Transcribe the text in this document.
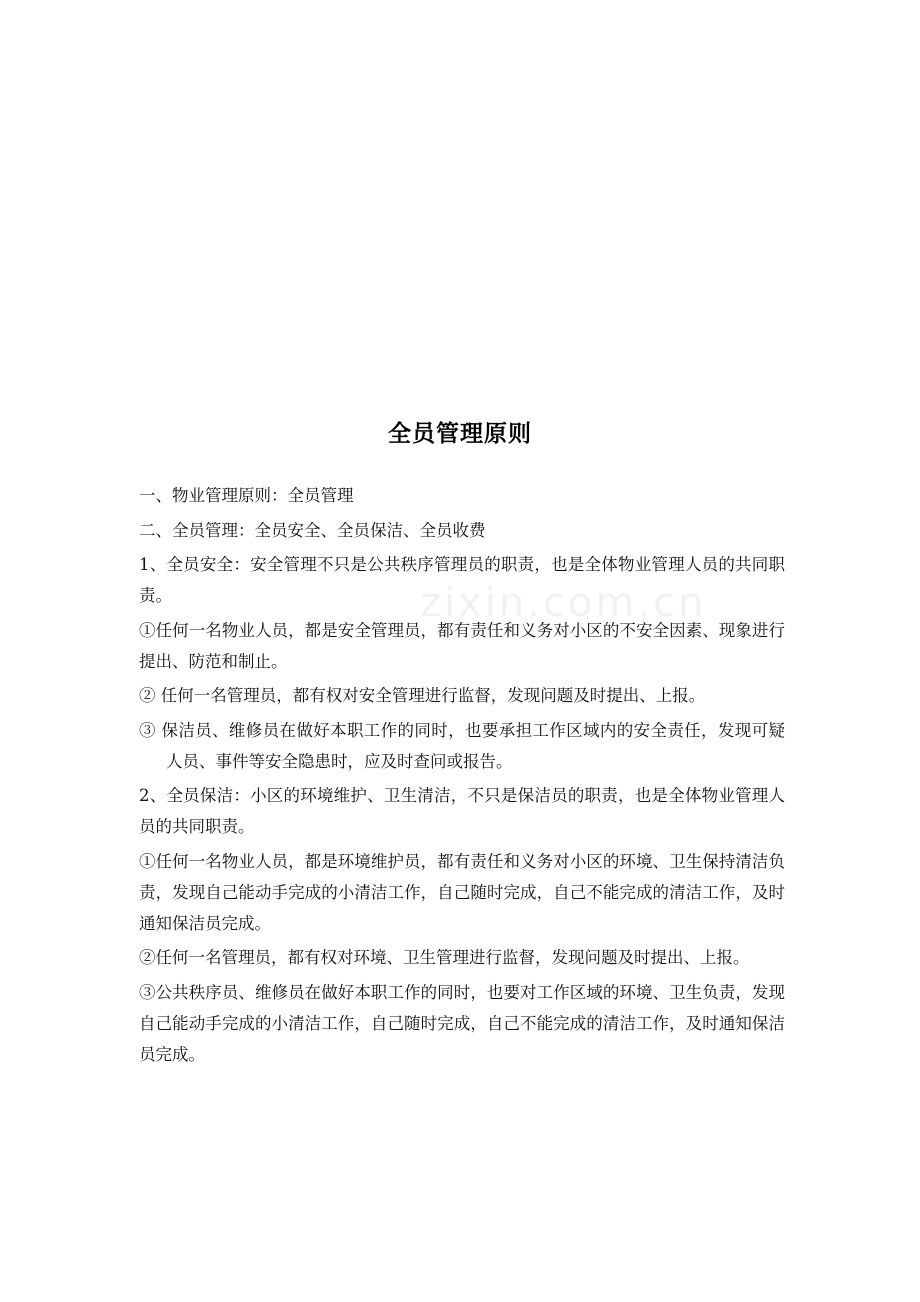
全员管理原则
zixin.com.cn

一、物业管理原则：全员管理

二、全员管理：全员安全、全员保洁、全员收费

1、全员安全：安全管理不只是公共秩序管理员的职责，也是全体物业管理人员的共同职责。

①任何一名物业人员，都是安全管理员，都有责任和义务对小区的不安全因素、现象进行提出、防范和制止。

② 任何一名管理员，都有权对安全管理进行监督，发现问题及时提出、上报。

③ 保洁员、维修员在做好本职工作的同时，也要承担工作区域内的安全责任，发现可疑人员、事件等安全隐患时，应及时查问或报告。

2、全员保洁：小区的环境维护、卫生清洁，不只是保洁员的职责，也是全体物业管理人员的共同职责。

①任何一名物业人员，都是环境维护员，都有责任和义务对小区的环境、卫生保持清洁负责，发现自己能动手完成的小清洁工作，自己随时完成，自己不能完成的清洁工作，及时通知保洁员完成。

②任何一名管理员，都有权对环境、卫生管理进行监督，发现问题及时提出、上报。

③公共秩序员、维修员在做好本职工作的同时，也要对工作区域的环境、卫生负责，发现自己能动手完成的小清洁工作，自己随时完成，自己不能完成的清洁工作，及时通知保洁员完成。
